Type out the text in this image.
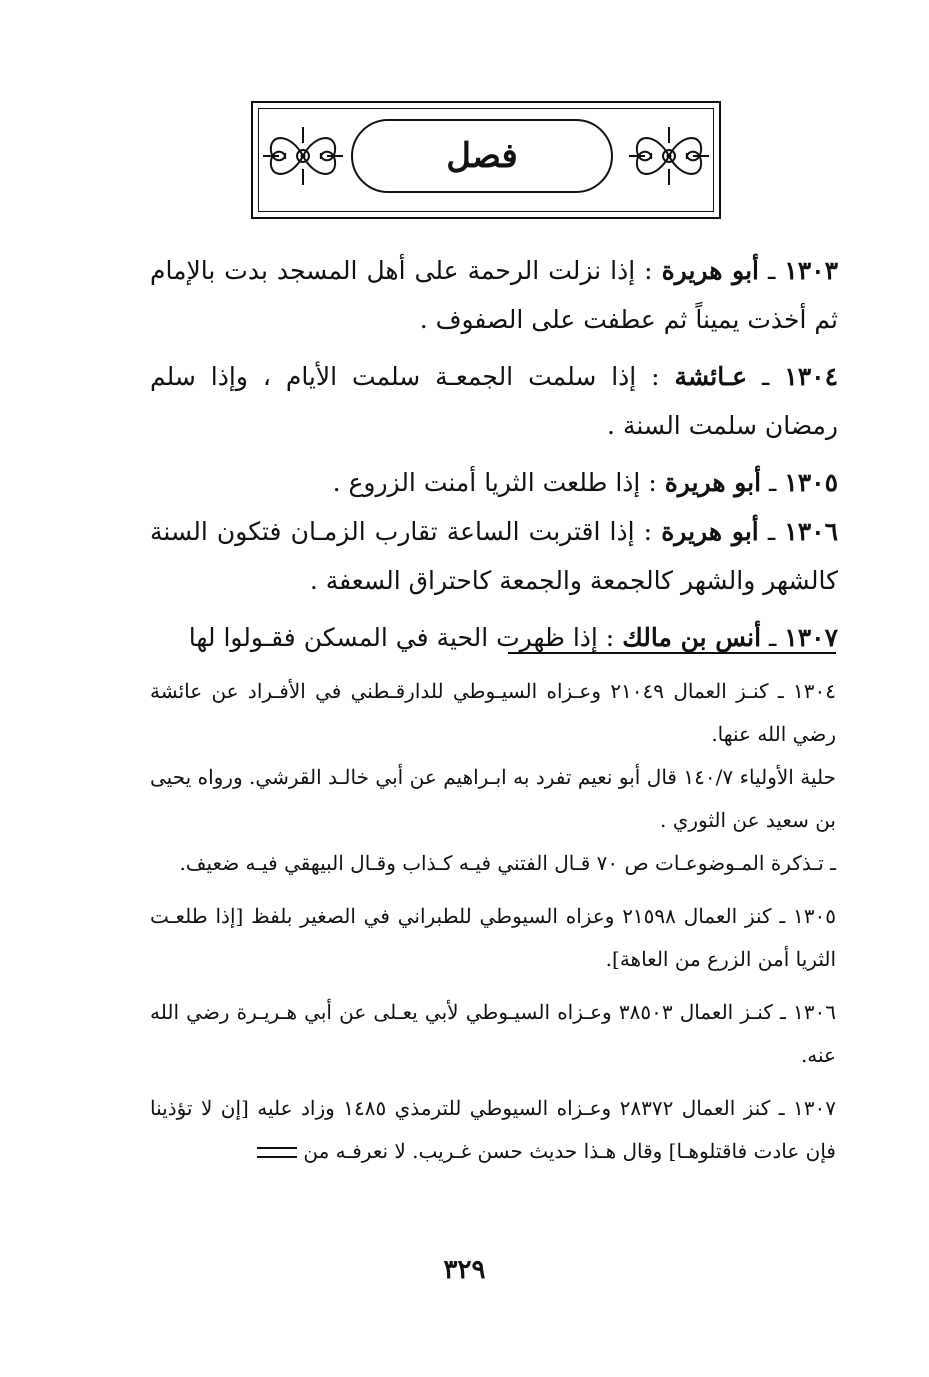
فصل

١٣٠٣ ـ أبو هريرة : إذا نزلت الرحمة على أهل المسجد بدت بالإمام ثم أخذت يميناً ثم عطفت على الصفوف .

١٣٠٤ ـ عـائشة : إذا سلمت الجمعـة سلمت الأيام ، وإذا سلم رمضان سلمت السنة .

١٣٠٥ ـ أبو هريرة : إذا طلعت الثريا أمنت الزروع .

١٣٠٦ ـ أبو هريرة : إذا اقتربت الساعة تقارب الزمـان فتكون السنة كالشهر والشهر كالجمعة والجمعة كاحتراق السعفة .

١٣٠٧ ـ أنس بن مالك : إذا ظهرت الحية في المسكن فقـولوا لها

١٣٠٤ ـ كنـز العمال ٢١٠٤٩ وعـزاه السيـوطي للدارقـطني في الأفـراد عن عائشة رضي الله عنها.

حلية الأولياء ١٤٠/٧ قال أبو نعيم تفرد به ابـراهيم عن أبي خالـد القرشي. ورواه يحيى بن سعيد عن الثوري .

ـ تـذكرة المـوضوعـات ص ٧٠ قـال الفتني فيـه كـذاب وقـال البيهقي فيـه ضعيف.

١٣٠٥ ـ كنز العمال ٢١٥٩٨ وعزاه السيوطي للطبراني في الصغير بلفظ [إذا طلعـت الثريا أمن الزرع من العاهة].

١٣٠٦ ـ كنـز العمال ٣٨٥٠٣ وعـزاه السيـوطي لأبي يعـلى عن أبي هـريـرة رضي الله عنه.

١٣٠٧ ـ كنز العمال ٢٨٣٧٢ وعـزاه السيوطي للترمذي ١٤٨٥ وزاد عليه [إن لا تؤذينا فإن عادت فاقتلوهـا] وقال هـذا حديث حسن غـريب. لا نعرفـه من

٣٢٩
